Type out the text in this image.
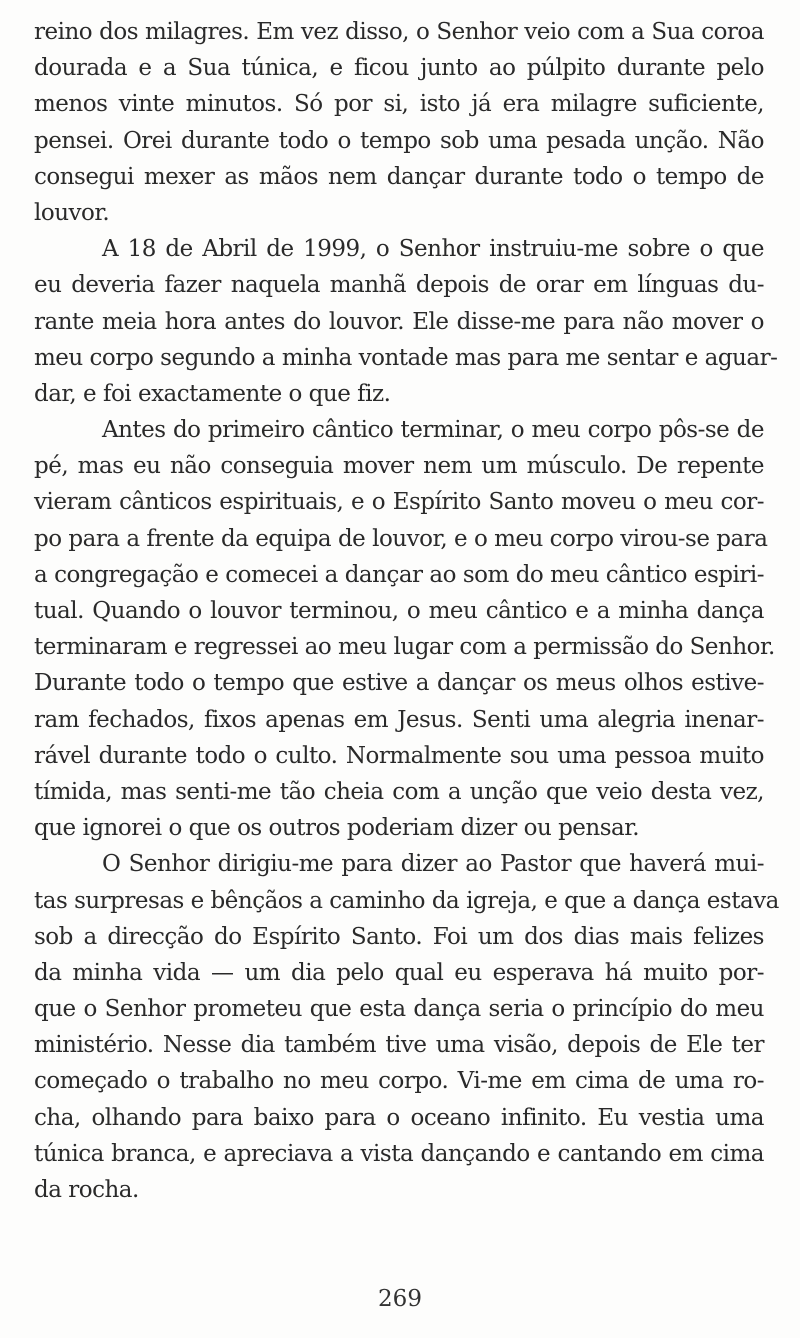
reino dos milagres. Em vez disso, o Senhor veio com a Sua coroa
dourada e a Sua túnica, e ficou junto ao púlpito durante pelo
menos vinte minutos. Só por si, isto já era milagre suficiente,
pensei. Orei durante todo o tempo sob uma pesada unção. Não
consegui mexer as mãos nem dançar durante todo o tempo de
louvor.
A 18 de Abril de 1999, o Senhor instruiu-me sobre o que
eu deveria fazer naquela manhã depois de orar em línguas du-
rante meia hora antes do louvor. Ele disse-me para não mover o
meu corpo segundo a minha vontade mas para me sentar e aguar-
dar, e foi exactamente o que fiz.
Antes do primeiro cântico terminar, o meu corpo pôs-se de
pé, mas eu não conseguia mover nem um músculo. De repente
vieram cânticos espirituais, e o Espírito Santo moveu o meu cor-
po para a frente da equipa de louvor, e o meu corpo virou-se para
a congregação e comecei a dançar ao som do meu cântico espiri-
tual. Quando o louvor terminou, o meu cântico e a minha dança
terminaram e regressei ao meu lugar com a permissão do Senhor.
Durante todo o tempo que estive a dançar os meus olhos estive-
ram fechados, fixos apenas em Jesus. Senti uma alegria inenar-
rável durante todo o culto. Normalmente sou uma pessoa muito
tímida, mas senti-me tão cheia com a unção que veio desta vez,
que ignorei o que os outros poderiam dizer ou pensar.
O Senhor dirigiu-me para dizer ao Pastor que haverá mui-
tas surpresas e bênçãos a caminho da igreja, e que a dança estava
sob a direcção do Espírito Santo. Foi um dos dias mais felizes
da minha vida — um dia pelo qual eu esperava há muito por-
que o Senhor prometeu que esta dança seria o princípio do meu
ministério. Nesse dia também tive uma visão, depois de Ele ter
começado o trabalho no meu corpo. Vi-me em cima de uma ro-
cha, olhando para baixo para o oceano infinito. Eu vestia uma
túnica branca, e apreciava a vista dançando e cantando em cima
da rocha.
269
